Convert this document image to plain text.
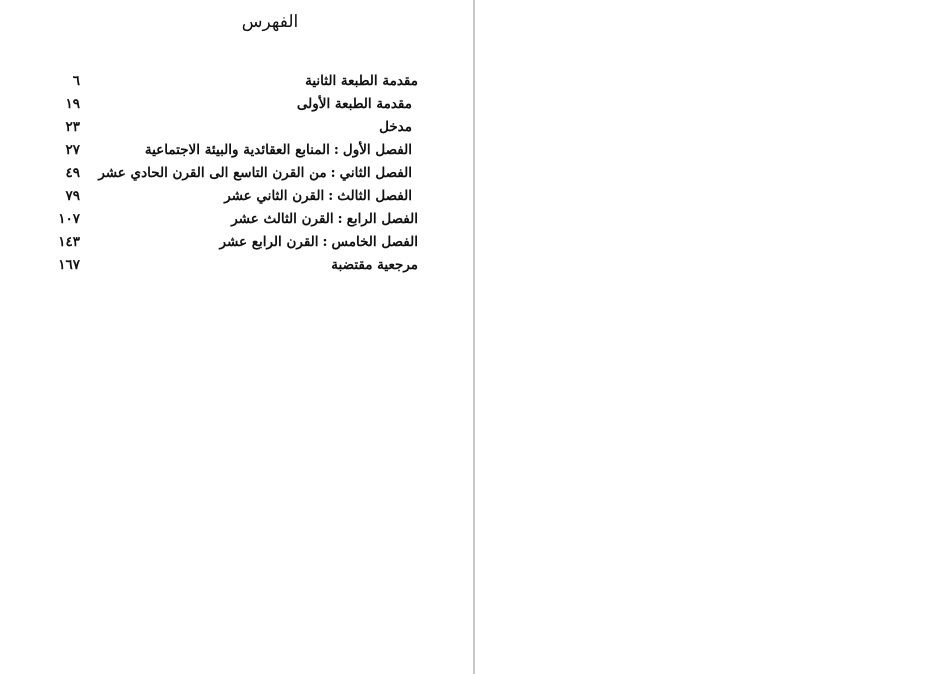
الفهرس
مقدمة الطبعة الثانية
٦
مقدمة الطبعة الأولى
١٩
مدخل
٢٣
الفصل الأول:المنابع العقائدية والبيئة الاجتماعية
٢٧
الفصل الثاني:من القرن التاسع الى القرن الحادي عشر
٤٩
الفصل الثالث:القرن الثاني عشر
٧٩
الفصل الرابع:القرن الثالث عشر
١٠٧
الفصل الخامس:القرن الرابع عشر
١٤٣
مرجعية مقتضبة
١٦٧
